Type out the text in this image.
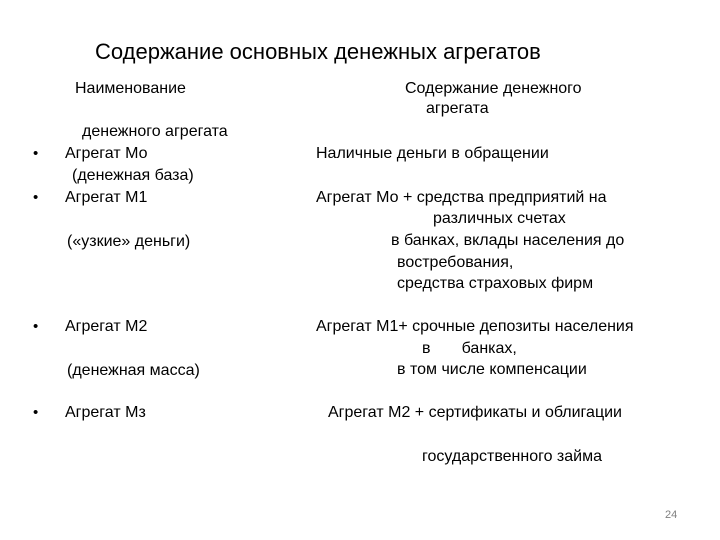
Содержание основных денежных агрегатов
Наименование
денежного агрегата
Содержание денежного
агрегата
• Агрегат Мо
(денежная база)
Наличные деньги в обращении
• Агрегат М1
(«узкие» деньги)
Агрегат Мо + средства предприятий на
различных счетах
в банках, вклады населения до
востребования,
средства страховых фирм
• Агрегат М2
(денежная масса)
Агрегат М1+ срочные депозиты населения
в       банках,
в том числе компенсации
• Агрегат Мз	Агрегат М2 + сертификаты и облигации
государственного займа
24
